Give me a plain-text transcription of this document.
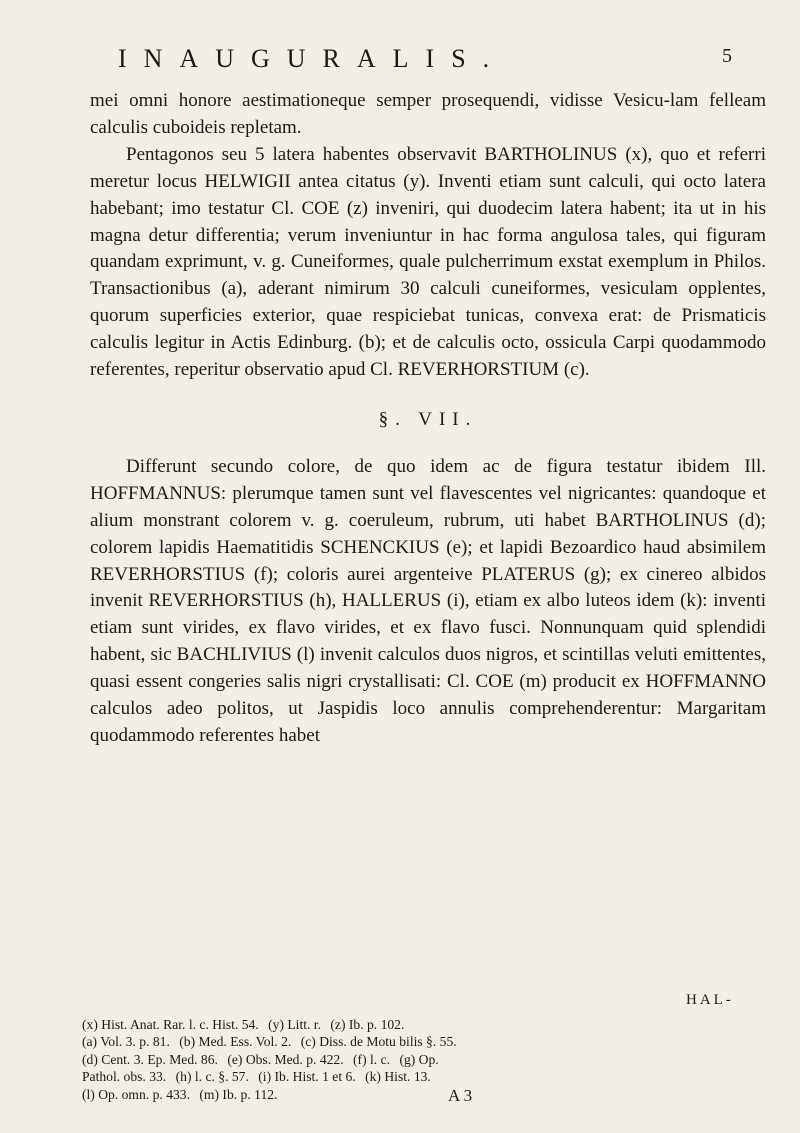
INAUGURALIS.	5

mei omni honore aestimationeque semper prosequendi, vidisse Vesicu-lam felleam calculis cuboideis repletam.

Pentagonos seu 5 latera habentes observavit BARTHOLINUS (x), quo et referri meretur locus HELWIGII antea citatus (y). Inventi etiam sunt calculi, qui octo latera habebant; imo testatur Cl. COE (z) inveniri, qui duodecim latera habent; ita ut in his magna detur differentia; verum inveniuntur in hac forma angulosa tales, qui figuram quandam exprimunt, v. g. Cuneiformes, quale pulcherrimum exstat exemplum in Philos. Transactionibus (a), aderant nimirum 30 calculi cuneiformes, vesiculam opplentes, quorum superficies exterior, quae respiciebat tunicas, convexa erat: de Prismaticis calculis legitur in Actis Edinburg. (b); et de calculis octo, ossicula Carpi quodammodo referentes, reperitur observatio apud Cl. REVERHORSTIUM (c).

§. VII.

Differunt secundo colore, de quo idem ac de figura testatur ibidem Ill. HOFFMANNUS: plerumque tamen sunt vel flavescentes vel nigricantes: quandoque et alium monstrant colorem v. g. coeruleum, rubrum, uti habet BARTHOLINUS (d); colorem lapidis Haematitidis SCHENCKIUS (e); et lapidi Bezoardico haud absimilem REVERHORSTIUS (f); coloris aurei argenteive PLATERUS (g); ex cinereo albidos invenit REVERHORSTIUS (h), HALLERUS (i), etiam ex albo luteos idem (k): inventi etiam sunt virides, ex flavo virides, et ex flavo fusci. Nonnunquam quid splendidi habent, sic BACHLIVIUS (l) invenit calculos duos nigros, et scintillas veluti emittentes, quasi essent congeries salis nigri crystallisati: Cl. COE (m) producit ex HOFFMANNO calculos adeo politos, ut Jaspidis loco annulis comprehenderentur: Margaritam quodammodo referentes habet

HAL-
(x) Hist. Anat. Rar. l. c. Hist. 54. (y) Litt. r. (z) Ib. p. 102.
(a) Vol. 3. p. 81. (b) Med. Ess. Vol. 2. (c) Diss. de Motu bilis §. 55.
(d) Cent. 3. Ep. Med. 86. (e) Obs. Med. p. 422. (f) l. c. (g) Op.
Pathol. obs. 33. (h) l. c. §. 57. (i) Ib. Hist. 1 et 6. (k) Hist. 13.
(l) Op. omn. p. 433. (m) Ib. p. 112.	A 3
